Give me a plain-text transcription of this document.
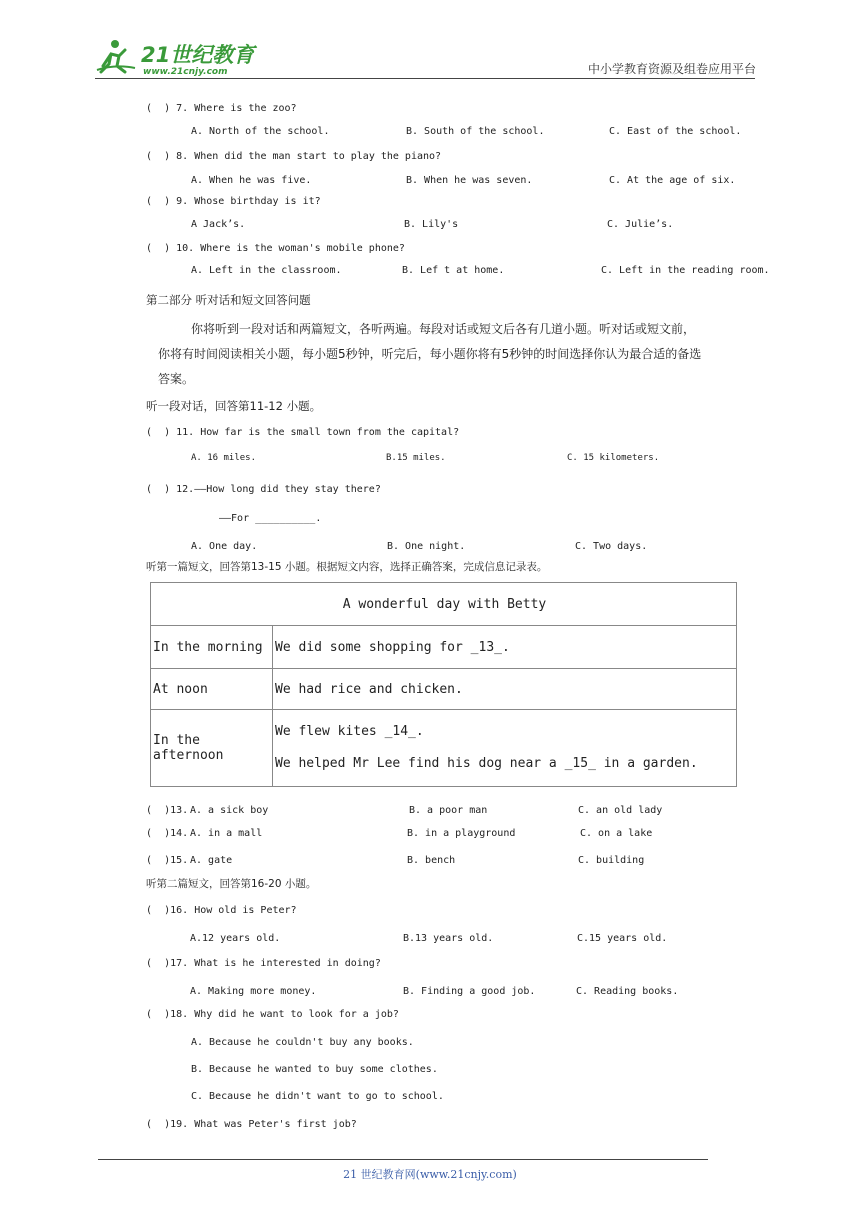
21世纪教育
www.21cnjy.com	中小学教育资源及组卷应用平台
( ) 7. Where is the zoo?
A. North of the school.	B. South of the school.	C. East of the school.
( ) 8. When did the man start to play the piano?
A. When he was five.	B. When he was seven.	C. At the age of six.
( ) 9. Whose birthday is it?
A Jack’s.	B. Lily's	C. Julie’s.
( ) 10. Where is the woman's mobile phone?
A. Left in the classroom.	B. Lef t at home.	C. Left in the reading room.
第二部分 听对话和短文回答问题
你将听到一段对话和两篇短文，各听两遍。每段对话或短文后各有几道小题。听对话或短文前，
你将有时间阅读相关小题，每小题5秒钟，听完后，每小题你将有5秒钟的时间选择你认为最合适的备选
答案。
听一段对话，回答第11-12 小题。
( ) 11. How far is the small town from the capital?
A. 16 miles.	B.15 miles.	C. 15 kilometers.
( ) 12.——How long did they stay there?
——For __________.
A. One day.	B. One night.	C. Two days.
听第一篇短文，回答第13-15 小题。根据短文内容，选择正确答案，完成信息记录表。
A wonderful day with Betty	
In the morning	We did some shopping for _13_.
At noon	We had rice and chicken.
In the afternoon	We flew kites _14_.
We helped Mr Lee find his dog near a _15_ in a garden.
( )13. A. a sick boy	B. a poor man	C. an old lady
( )14. A. in a mall	B. in a playground	C. on a lake
( )15. A. gate	B. bench	C. building
听第二篇短文，回答第16-20 小题。
( )16. How old is Peter?
A.12 years old.	B.13 years old.	C.15 years old.
( )17. What is he interested in doing?
A. Making more money.	B. Finding a good job.	C. Reading books.
( )18. Why did he want to look for a job?
A. Because he couldn't buy any books.
B. Because he wanted to buy some clothes.
C. Because he didn't want to go to school.
( )19. What was Peter's first job?
21 世纪教育网(www.21cnjy.com)
